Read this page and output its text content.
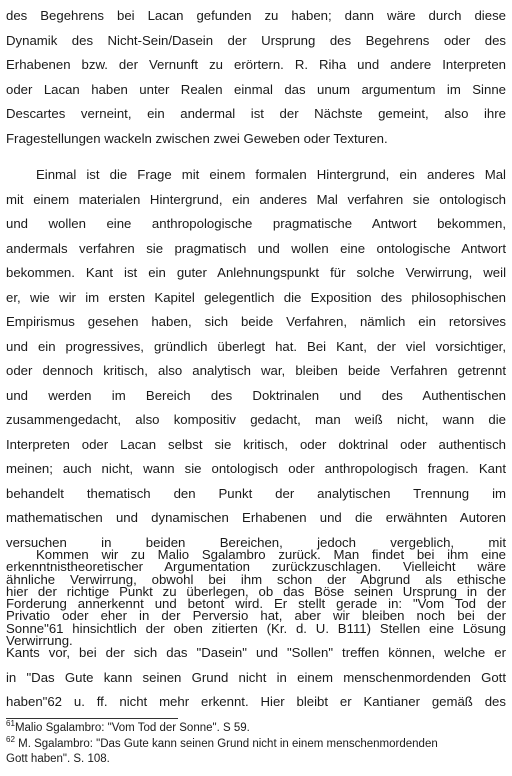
des Begehrens bei Lacan gefunden zu haben; dann wäre durch diese
Dynamik des Nicht-Sein/Dasein der Ursprung des Begehrens oder des
Erhabenen bzw. der Vernunft zu erörtern. R. Riha und andere Interpreten
oder Lacan haben unter Realen einmal das unum argumentum im Sinne
Descartes verneint, ein andermal ist der Nächste gemeint, also ihre
Fragestellungen wackeln zwischen zwei Geweben oder Texturen.
Einmal ist die Frage mit einem formalen Hintergrund, ein anderes Mal
mit einem materialen Hintergrund, ein anderes Mal verfahren sie ontologisch
und wollen eine anthropologische pragmatische Antwort bekommen,
andermals verfahren sie pragmatisch und wollen eine ontologische Antwort
bekommen. Kant ist ein guter Anlehnungspunkt für solche Verwirrung, weil
er, wie wir im ersten Kapitel gelegentlich die Exposition des philosophischen
Empirismus gesehen haben, sich beide Verfahren, nämlich ein retorsives
und ein progressives, gründlich überlegt hat. Bei Kant, der viel vorsichtiger,
oder dennoch kritisch, also analytisch war, bleiben beide Verfahren getrennt
und werden im Bereich des Doktrinalen und des Authentischen
zusammengedacht, also kompositiv gedacht, man weiß nicht, wann die
Interpreten oder Lacan selbst sie kritisch, oder doktrinal oder authentisch
meinen; auch nicht, wann sie ontologisch oder anthropologisch fragen. Kant
behandelt thematisch den Punkt der analytischen Trennung im
mathematischen und dynamischen Erhabenen und die erwähnten Autoren
versuchen in beiden Bereichen, jedoch vergeblich, mit
erkenntnistheoretischer Argumentation zurückzuschlagen. Vielleicht wäre
hier der richtige Punkt zu überlegen, ob das Böse seinen Ursprung in der
Privatio oder eher in der Perversio hat, aber wir bleiben noch bei der
Verwirrung.
Kommen wir zu Malio Sgalambro zurück. Man findet bei ihm eine
ähnliche Verwirrung, obwohl bei ihm schon der Abgrund als ethische
Forderung annerkennt und betont wird. Er stellt gerade in: "Vom Tod der
Sonne"61 hinsichtlich der oben zitierten (Kr. d. U. B111) Stellen eine Lösung
Kants vor, bei der sich das "Dasein" und "Sollen" treffen können, welche er
in "Das Gute kann seinen Grund nicht in einem menschenmordenden Gott
haben"62 u. ff. nicht mehr erkennt. Hier bleibt er Kantianer gemäß des
$^{61}$Malio Sgalambro: "Vom Tod der Sonne". S 59.
$^{62}$ M. Sgalambro: "Das Gute kann seinen Grund nicht in einem menschenmordenden
Gott haben". S. 108.
